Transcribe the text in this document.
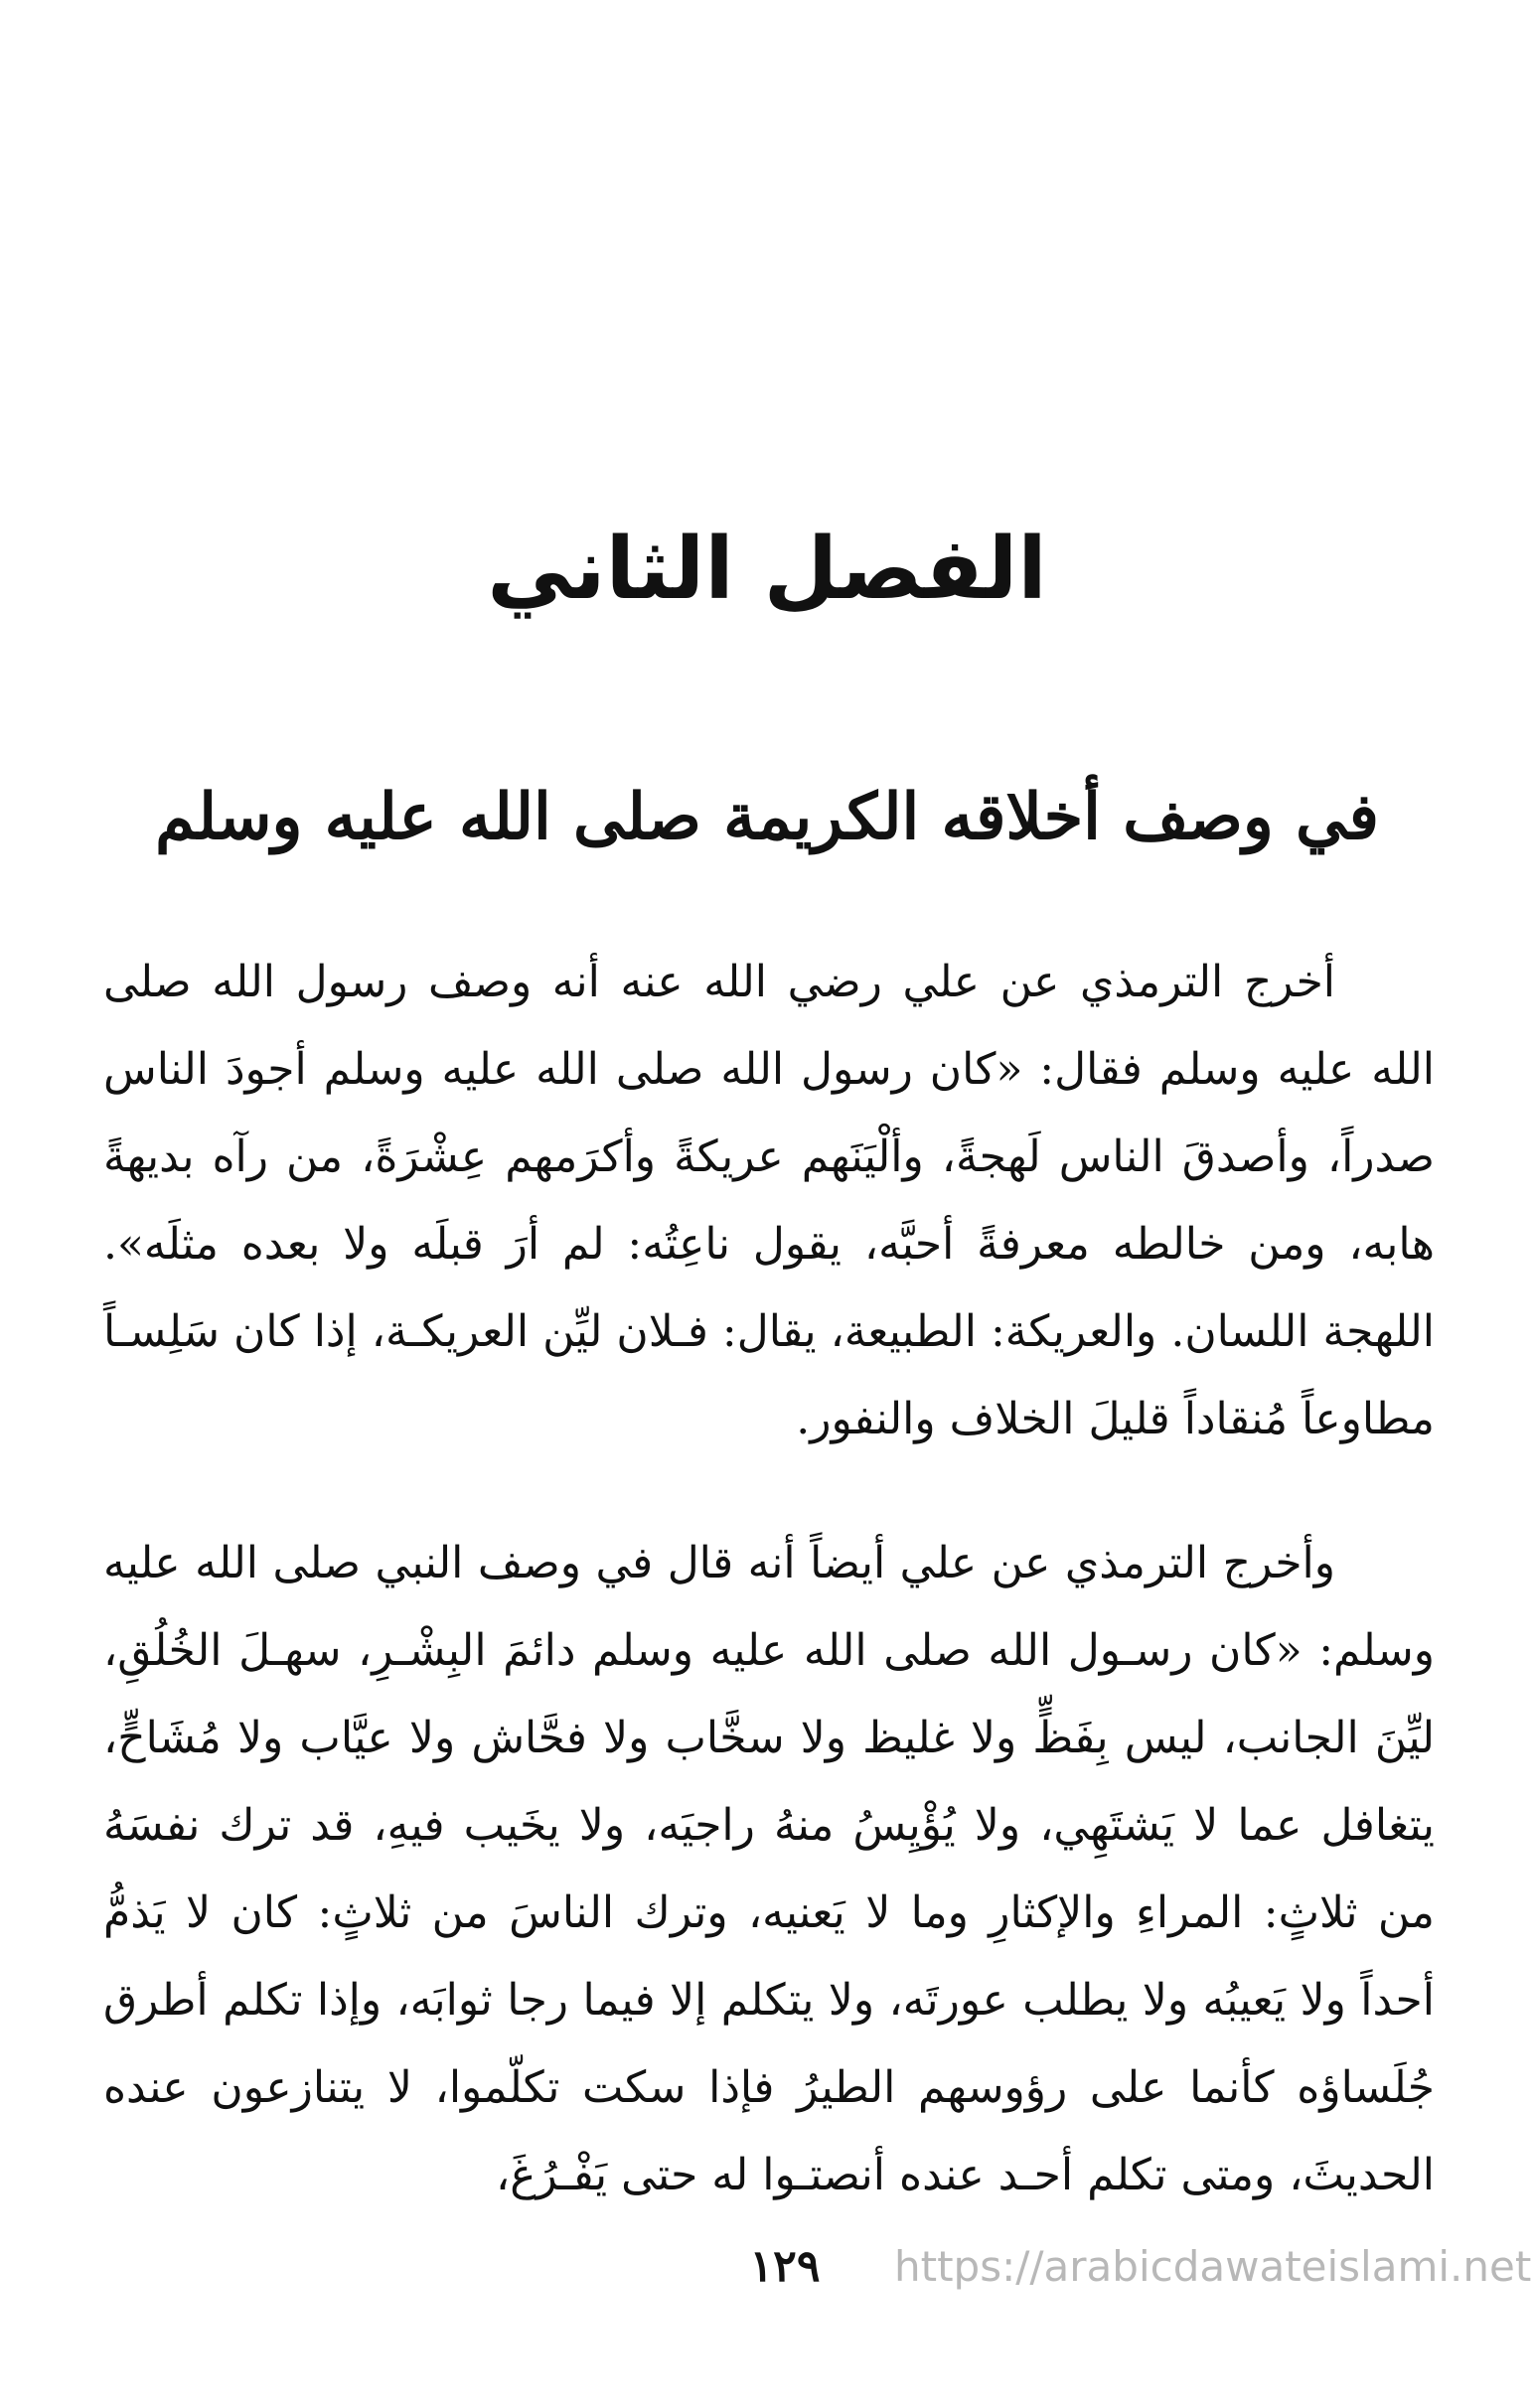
الفصل الثاني
في وصف أخلاقه الكريمة صلى الله عليه وسلم

أخرج الترمذي عن علي رضي الله عنه أنه وصف رسول الله صلى الله عليه وسلم فقال: «كان رسول الله صلى الله عليه وسلم أجودَ الناس صدراً، وأصدقَ الناس لَهجةً، وألْيَنَهم عريكةً وأكرَمهم عِشْرَةً، من رآه بديهةً هابه، ومن خالطه معرفةً أحبَّه، يقول ناعِتُه: لم أرَ قبلَه ولا بعده مثلَه». اللهجة اللسان. والعريكة: الطبيعة، يقال: فـلان ليِّن العريكـة، إذا كان سَلِسـاً مطاوعاً مُنقاداً قليلَ الخلاف والنفور.

وأخرج الترمذي عن علي أيضاً أنه قال في وصف النبي صلى الله عليه وسلم: «كان رسـول الله صلى الله عليه وسلم دائمَ البِشْـرِ، سهـلَ الخُلُقِ، ليِّنَ الجانب، ليس بِفَظٍّ ولا غليظ ولا سخَّاب ولا فحَّاش ولا عيَّاب ولا مُشَاحٍّ، يتغافل عما لا يَشتَهِي، ولا يُؤْيِسُ منهُ راجيَه، ولا يخَيب فيهِ، قد ترك نفسَهُ من ثلاثٍ: المراءِ والإكثارِ وما لا يَعنيه، وترك الناسَ من ثلاثٍ: كان لا يَذمُّ أحداً ولا يَعيبُه ولا يطلب عورتَه، ولا يتكلم إلا فيما رجا ثوابَه، وإذا تكلم أطرق جُلَساؤه كأنما على رؤوسهم الطيرُ فإذا سكت تكلّموا، لا يتنازعون عنده الحديثَ، ومتى تكلم أحـد عنده أنصتـوا له حتى يَفْـرُغَ،

١٢٩	https://arabicdawateislami.net
